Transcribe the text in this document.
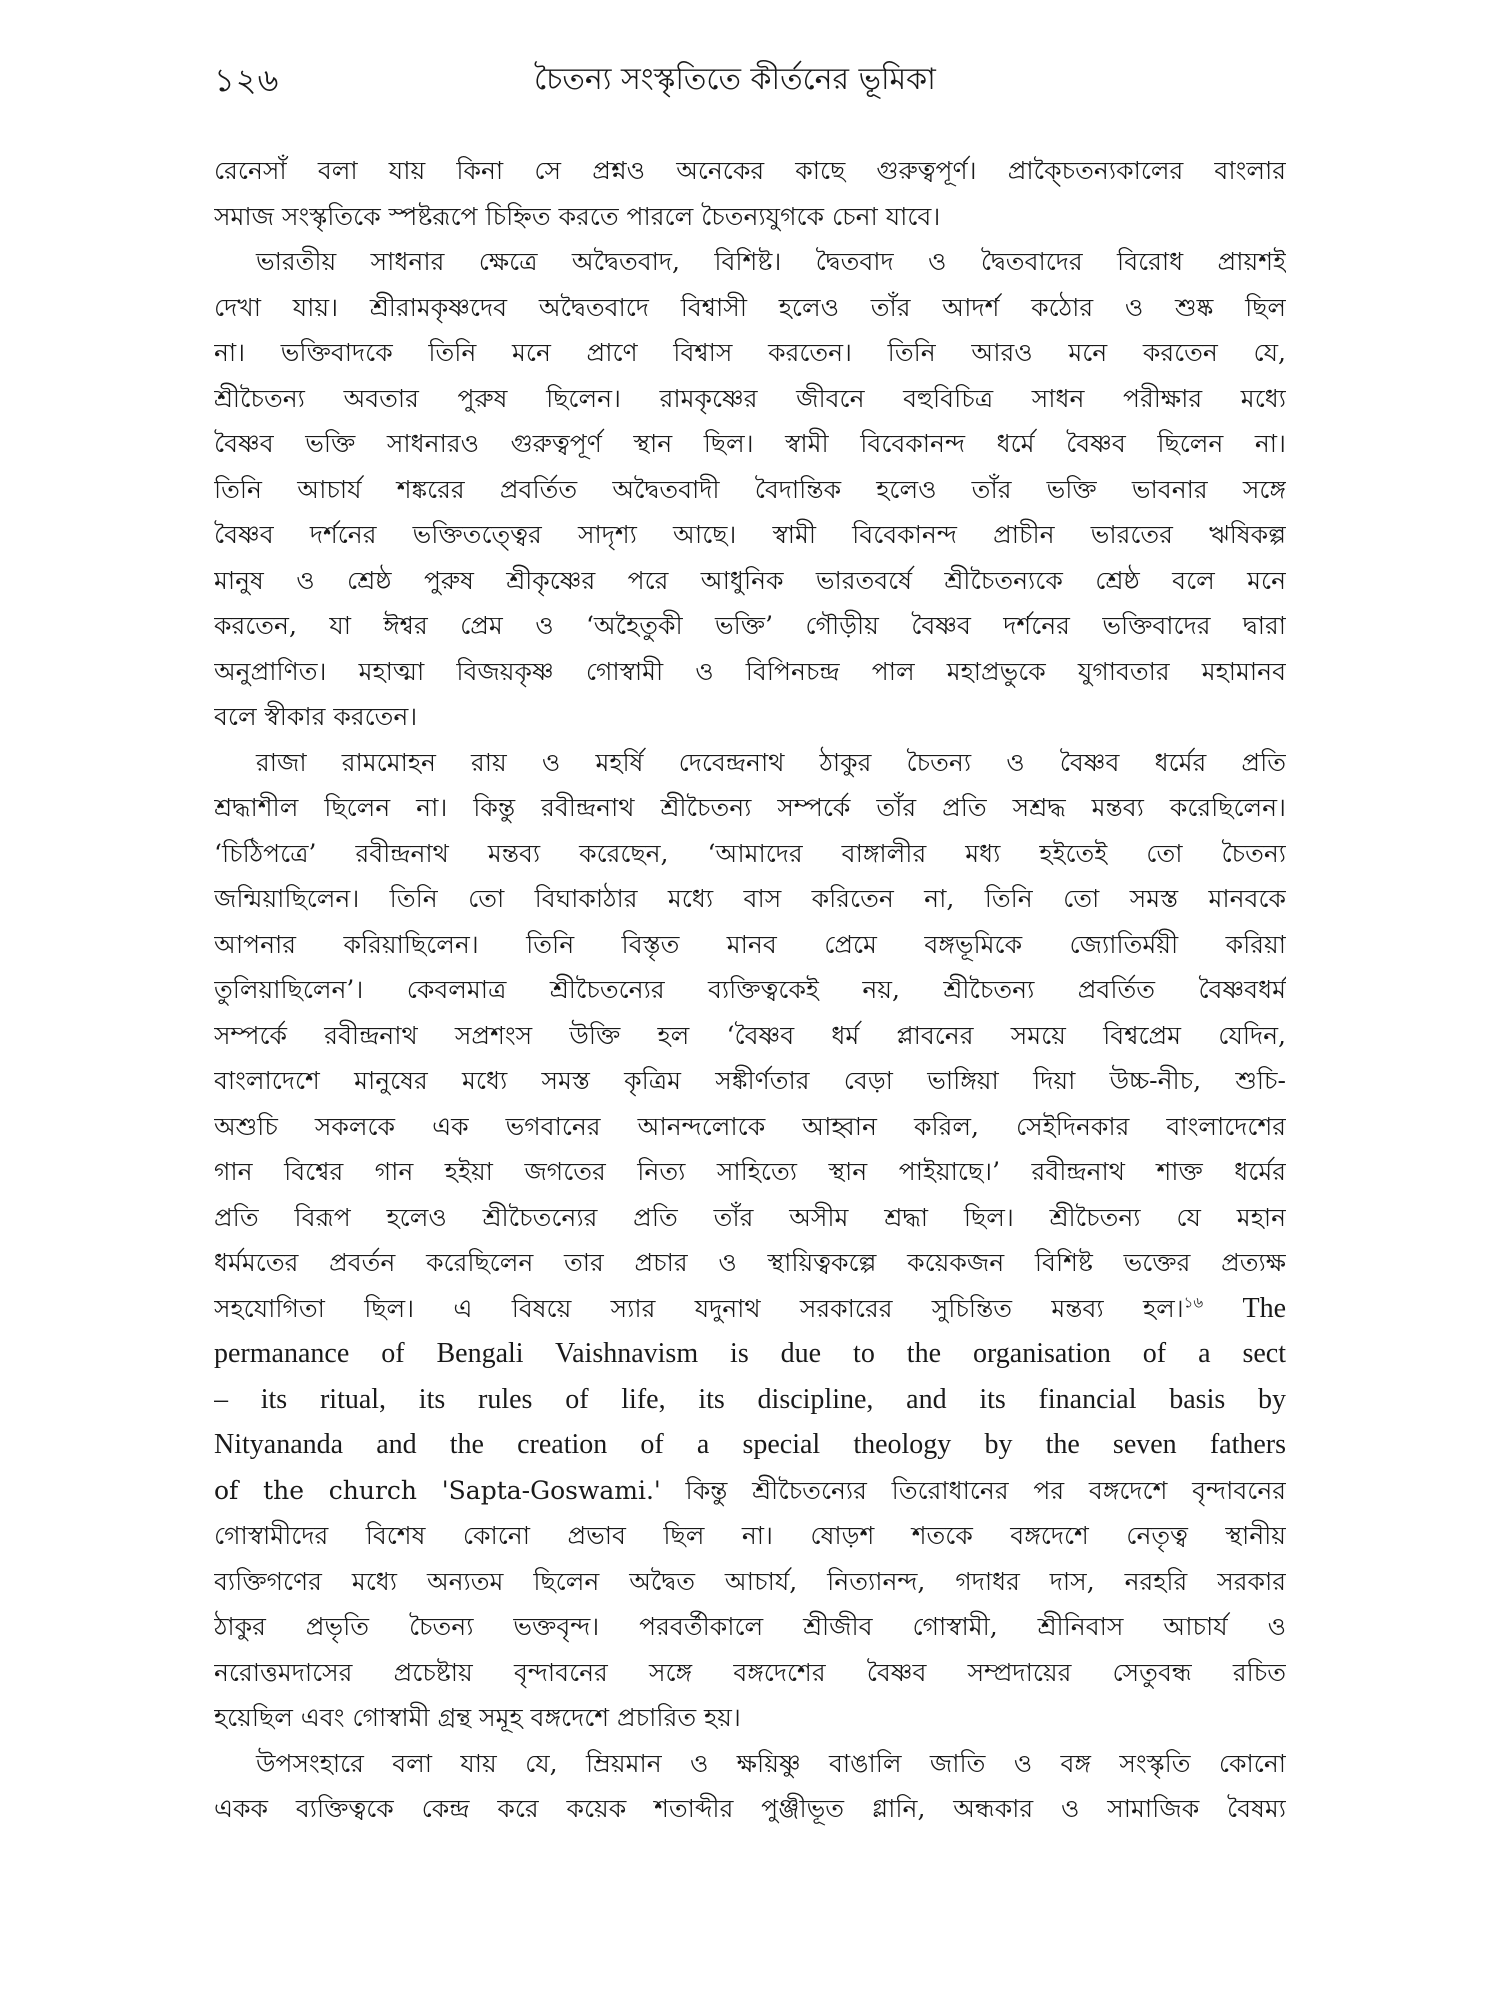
১২৬	চৈতন্য সংস্কৃতিতে কীর্তনের ভূমিকা
রেনেসাঁ বলা যায় কিনা সে প্রশ্নও অনেকের কাছে গুরুত্বপূর্ণ। প্রাক্চৈতন্যকালের বাংলার
সমাজ সংস্কৃতিকে স্পষ্টরূপে চিহ্নিত করতে পারলে চৈতন্যযুগকে চেনা যাবে।
ভারতীয় সাধনার ক্ষেত্রে অদ্বৈতবাদ, বিশিষ্ট। দ্বৈতবাদ ও দ্বৈতবাদের বিরোধ প্রায়শই
দেখা যায়। শ্রীরামকৃষ্ণদেব অদ্বৈতবাদে বিশ্বাসী হলেও তাঁর আদর্শ কঠোর ও শুষ্ক ছিল
না। ভক্তিবাদকে তিনি মনে প্রাণে বিশ্বাস করতেন। তিনি আরও মনে করতেন যে,
শ্রীচৈতন্য অবতার পুরুষ ছিলেন। রামকৃষ্ণের জীবনে বহুবিচিত্র সাধন পরীক্ষার মধ্যে
বৈষ্ণব ভক্তি সাধনারও গুরুত্বপূর্ণ স্থান ছিল। স্বামী বিবেকানন্দ ধর্মে বৈষ্ণব ছিলেন না।
তিনি আচার্য শঙ্করের প্রবর্তিত অদ্বৈতবাদী বৈদান্তিক হলেও তাঁর ভক্তি ভাবনার সঙ্গে
বৈষ্ণব দর্শনের ভক্তিতত্ত্বের সাদৃশ্য আছে। স্বামী বিবেকানন্দ প্রাচীন ভারতের ঋষিকল্প
মানুষ ও শ্রেষ্ঠ পুরুষ শ্রীকৃষ্ণের পরে আধুনিক ভারতবর্ষে শ্রীচৈতন্যকে শ্রেষ্ঠ বলে মনে
করতেন, যা ঈশ্বর প্রেম ও ‘অহৈতুকী ভক্তি’ গৌড়ীয় বৈষ্ণব দর্শনের ভক্তিবাদের দ্বারা
অনুপ্রাণিত। মহাত্মা বিজয়কৃষ্ণ গোস্বামী ও বিপিনচন্দ্র পাল মহাপ্রভুকে যুগাবতার মহামানব
বলে স্বীকার করতেন।
রাজা রামমোহন রায় ও মহর্ষি দেবেন্দ্রনাথ ঠাকুর চৈতন্য ও বৈষ্ণব ধর্মের প্রতি
শ্রদ্ধাশীল ছিলেন না। কিন্তু রবীন্দ্রনাথ শ্রীচৈতন্য সম্পর্কে তাঁর প্রতি সশ্রদ্ধ মন্তব্য করেছিলেন।
‘চিঠিপত্রে’ রবীন্দ্রনাথ মন্তব্য করেছেন, ‘আমাদের বাঙ্গালীর মধ্য হইতেই তো চৈতন্য
জন্মিয়াছিলেন। তিনি তো বিঘাকাঠার মধ্যে বাস করিতেন না, তিনি তো সমস্ত মানবকে
আপনার করিয়াছিলেন। তিনি বিস্তৃত মানব প্রেমে বঙ্গভূমিকে জ্যোতির্ময়ী করিয়া
তুলিয়াছিলেন’। কেবলমাত্র শ্রীচৈতন্যের ব্যক্তিত্বকেই নয়, শ্রীচৈতন্য প্রবর্তিত বৈষ্ণবধর্ম
সম্পর্কে রবীন্দ্রনাথ সপ্রশংস উক্তি হল ‘বৈষ্ণব ধর্ম প্লাবনের সময়ে বিশ্বপ্রেম যেদিন,
বাংলাদেশে মানুষের মধ্যে সমস্ত কৃত্রিম সঙ্কীর্ণতার বেড়া ভাঙ্গিয়া দিয়া উচ্চ-নীচ, শুচি-
অশুচি সকলকে এক ভগবানের আনন্দলোকে আহ্বান করিল, সেইদিনকার বাংলাদেশের
গান বিশ্বের গান হইয়া জগতের নিত্য সাহিত্যে স্থান পাইয়াছে।’ রবীন্দ্রনাথ শাক্ত ধর্মের
প্রতি বিরূপ হলেও শ্রীচৈতন্যের প্রতি তাঁর অসীম শ্রদ্ধা ছিল। শ্রীচৈতন্য যে মহান
ধর্মমতের প্রবর্তন করেছিলেন তার প্রচার ও স্থায়িত্বকল্পে কয়েকজন বিশিষ্ট ভক্তের প্রত্যক্ষ
সহযোগিতা ছিল। এ বিষয়ে স্যার যদুনাথ সরকারের সুচিন্তিত মন্তব্য হল।$^{১৬}$ The
permanance of Bengali Vaishnavism is due to the organisation of a sect
– its ritual, its rules of life, its discipline, and its financial basis by
Nityananda and the creation of a special theology by the seven fathers
of the church 'Sapta-Goswami.' কিন্তু শ্রীচৈতন্যের তিরোধানের পর বঙ্গদেশে বৃন্দাবনের
গোস্বামীদের বিশেষ কোনো প্রভাব ছিল না। ষোড়শ শতকে বঙ্গদেশে নেতৃত্ব স্থানীয়
ব্যক্তিগণের মধ্যে অন্যতম ছিলেন অদ্বৈত আচার্য, নিত্যানন্দ, গদাধর দাস, নরহরি সরকার
ঠাকুর প্রভৃতি চৈতন্য ভক্তবৃন্দ। পরবর্তীকালে শ্রীজীব গোস্বামী, শ্রীনিবাস আচার্য ও
নরোত্তমদাসের প্রচেষ্টায় বৃন্দাবনের সঙ্গে বঙ্গদেশের বৈষ্ণব সম্প্রদায়ের সেতুবন্ধ রচিত
হয়েছিল এবং গোস্বামী গ্রন্থ সমূহ বঙ্গদেশে প্রচারিত হয়।
উপসংহারে বলা যায় যে, ম্রিয়মান ও ক্ষয়িষ্ণু বাঙালি জাতি ও বঙ্গ সংস্কৃতি কোনো
একক ব্যক্তিত্বকে কেন্দ্র করে কয়েক শতাব্দীর পুঞ্জীভূত গ্লানি, অন্ধকার ও সামাজিক বৈষম্য
